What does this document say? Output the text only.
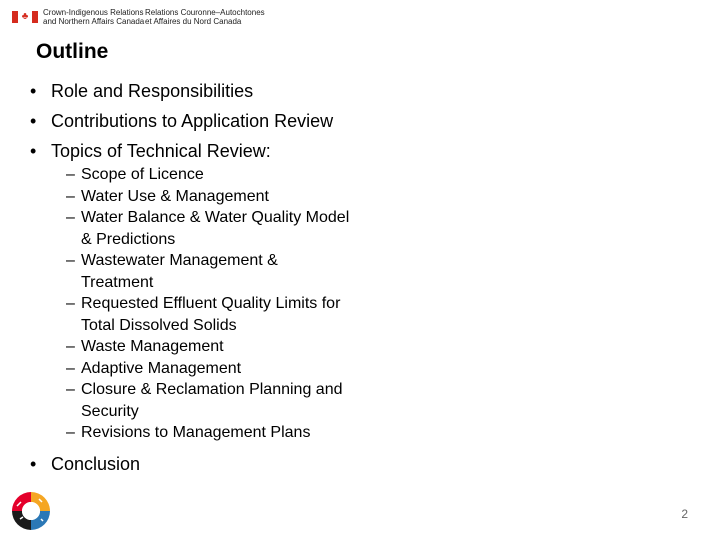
♣	Crown-Indigenous Relations
and Northern Affairs Canada
Relations Couronne–Autochtones
et Affaires du Nord Canada
Outline
• Role and Responsibilities
• Contributions to Application Review
• Topics of Technical Review:
– Scope of Licence
– Water Use & Management
– Water Balance & Water Quality Model & Predictions
– Wastewater Management & Treatment
– Requested Effluent Quality Limits for Total Dissolved Solids
– Waste Management
– Adaptive Management
– Closure & Reclamation Planning and Security
– Revisions to Management Plans
• Conclusion
2
